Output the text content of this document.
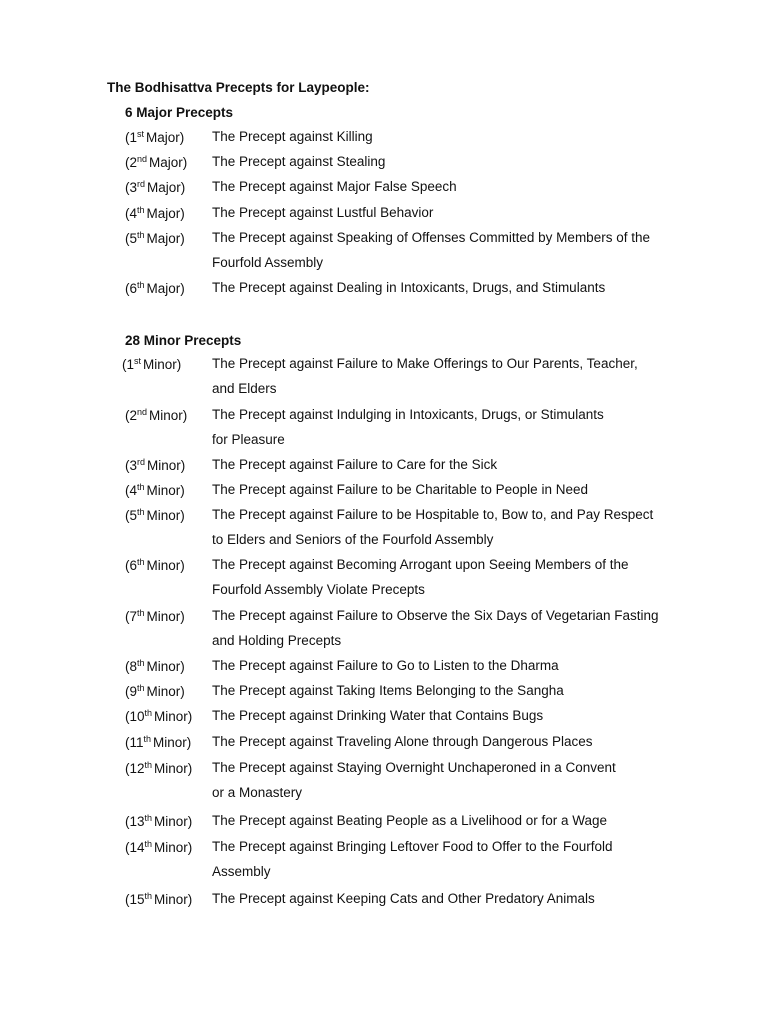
The Bodhisattva Precepts for Laypeople:
6 Major Precepts
(1st Major) The Precept against Killing
(2nd Major) The Precept against Stealing
(3rd Major) The Precept against Major False Speech
(4th Major) The Precept against Lustful Behavior
(5th Major) The Precept against Speaking of Offenses Committed by Members of the
Fourfold Assembly
(6th Major) The Precept against Dealing in Intoxicants, Drugs, and Stimulants
28 Minor Precepts
(1st Minor) The Precept against Failure to Make Offerings to Our Parents, Teacher,
and Elders
(2nd Minor) The Precept against Indulging in Intoxicants, Drugs, or Stimulants
for Pleasure
(3rd Minor) The Precept against Failure to Care for the Sick
(4th Minor) The Precept against Failure to be Charitable to People in Need
(5th Minor) The Precept against Failure to be Hospitable to, Bow to, and Pay Respect
to Elders and Seniors of the Fourfold Assembly
(6th Minor) The Precept against Becoming Arrogant upon Seeing Members of the
Fourfold Assembly Violate Precepts
(7th Minor) The Precept against Failure to Observe the Six Days of Vegetarian Fasting
and Holding Precepts
(8th Minor) The Precept against Failure to Go to Listen to the Dharma
(9th Minor) The Precept against Taking Items Belonging to the Sangha
(10th Minor) The Precept against Drinking Water that Contains Bugs
(11th Minor) The Precept against Traveling Alone through Dangerous Places
(12th Minor) The Precept against Staying Overnight Unchaperoned in a Convent
or a Monastery
(13th Minor) The Precept against Beating People as a Livelihood or for a Wage
(14th Minor) The Precept against Bringing Leftover Food to Offer to the Fourfold
Assembly
(15th Minor) The Precept against Keeping Cats and Other Predatory Animals
